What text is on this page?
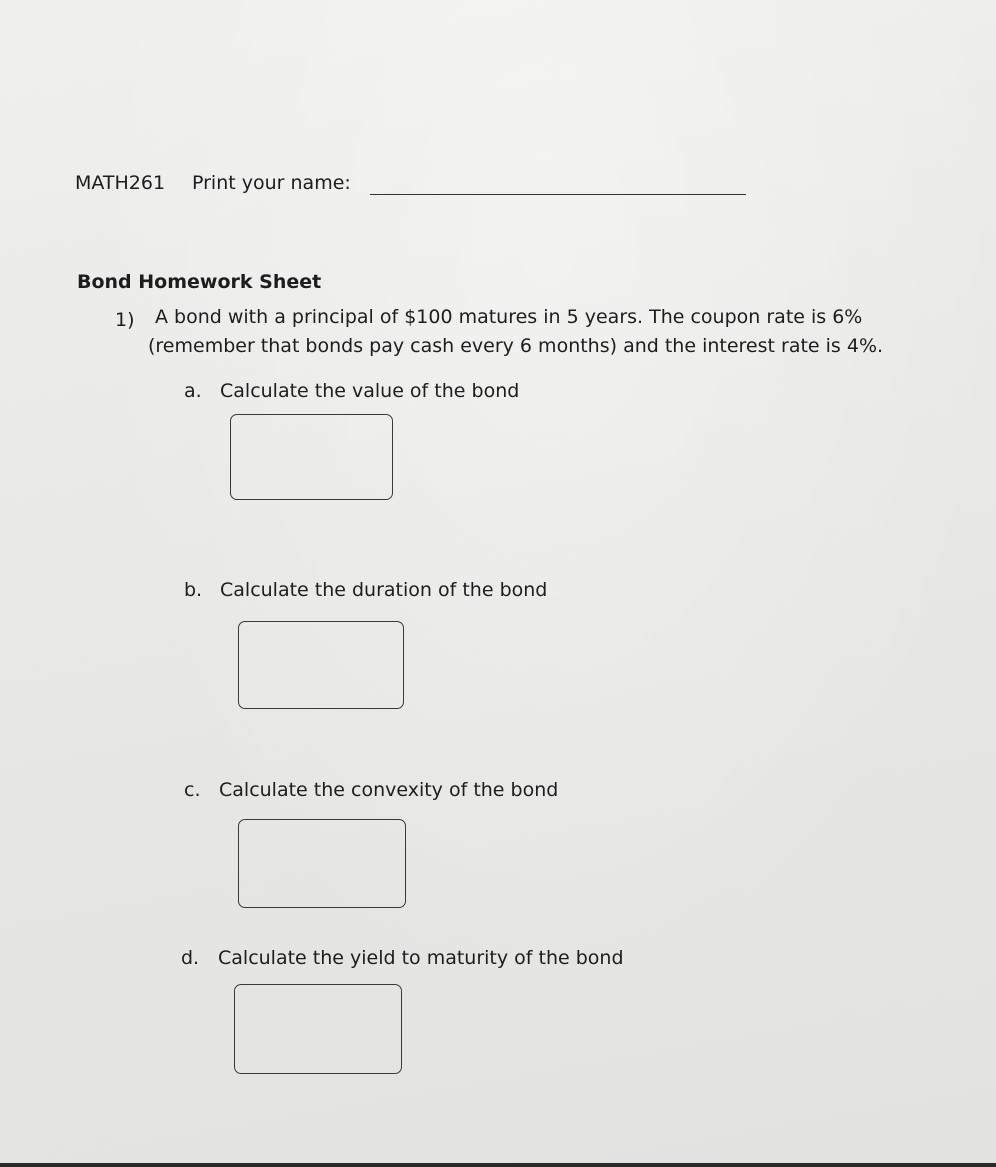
MATH261 Print your name:
Bond Homework Sheet
1) A bond with a principal of $100 matures in 5 years. The coupon rate is 6%
(remember that bonds pay cash every 6 months) and the interest rate is 4%.
a. Calculate the value of the bond
b. Calculate the duration of the bond
c. Calculate the convexity of the bond
d. Calculate the yield to maturity of the bond
